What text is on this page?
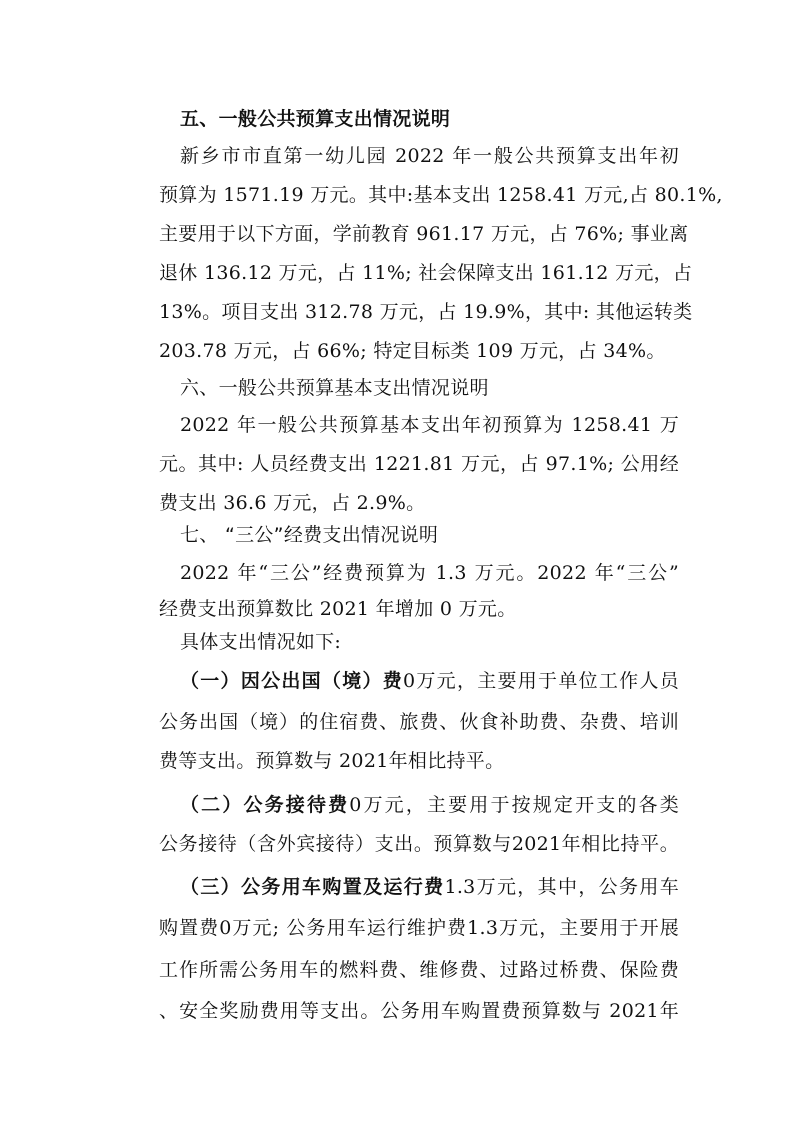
五、一般公共预算支出情况说明
新乡市市直第一幼儿园 2022 年一般公共预算支出年初
预算为 1571.19 万元。其中:基本支出 1258.41 万元,占 80.1%,
主要用于以下方面，学前教育 961.17 万元，占 76%; 事业离
退休 136.12 万元，占 11%; 社会保障支出 161.12 万元，占
13%。项目支出 312.78 万元，占 19.9%，其中: 其他运转类
203.78 万元，占 66%; 特定目标类 109 万元，占 34%。
六、一般公共预算基本支出情况说明
2022 年一般公共预算基本支出年初预算为 1258.41 万
元。其中: 人员经费支出 1221.81 万元，占 97.1%; 公用经
费支出 36.6 万元，占 2.9%。
七、 “三公”经费支出情况说明
2022 年“三公”经费预算为 1.3 万元。2022 年“三公”
经费支出预算数比 2021 年增加 0 万元。
具体支出情况如下:
（一）因公出国（境）费0万元，主要用于单位工作人员
公务出国（境）的住宿费、旅费、伙食补助费、杂费、培训
费等支出。预算数与 2021年相比持平。
（二）公务接待费0万元，主要用于按规定开支的各类
公务接待（含外宾接待）支出。预算数与2021年相比持平。
（三）公务用车购置及运行费1.3万元，其中，公务用车
购置费0万元; 公务用车运行维护费1.3万元，主要用于开展
工作所需公务用车的燃料费、维修费、过路过桥费、保险费
、安全奖励费用等支出。公务用车购置费预算数与 2021年
